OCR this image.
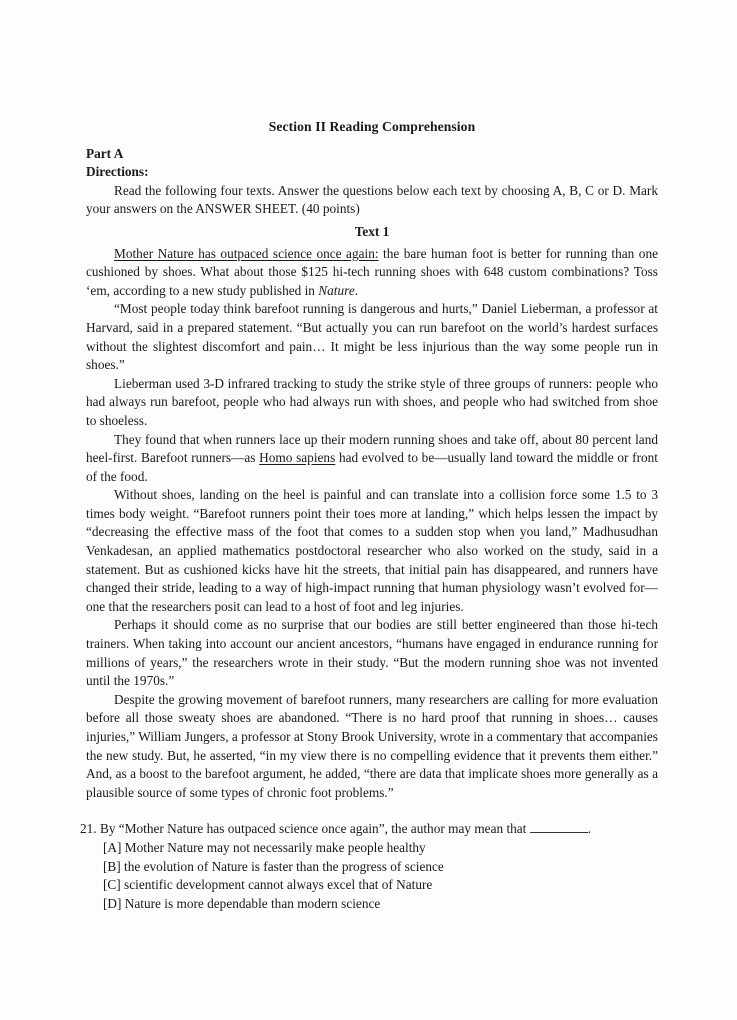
Section II Reading Comprehension
Part A
Directions:

Read the following four texts. Answer the questions below each text by choosing A, B, C or D. Mark your answers on the ANSWER SHEET. (40 points)

Text 1

Mother Nature has outpaced science once again: the bare human foot is better for running than one cushioned by shoes. What about those $125 hi-tech running shoes with 648 custom combinations? Toss ‘em, according to a new study published in Nature.

“Most people today think barefoot running is dangerous and hurts,” Daniel Lieberman, a professor at Harvard, said in a prepared statement. “But actually you can run barefoot on the world’s hardest surfaces without the slightest discomfort and pain… It might be less injurious than the way some people run in shoes.”

Lieberman used 3-D infrared tracking to study the strike style of three groups of runners: people who had always run barefoot, people who had always run with shoes, and people who had switched from shoe to shoeless.

They found that when runners lace up their modern running shoes and take off, about 80 percent land heel-first. Barefoot runners—as Homo sapiens had evolved to be—usually land toward the middle or front of the food.

Without shoes, landing on the heel is painful and can translate into a collision force some 1.5 to 3 times body weight. “Barefoot runners point their toes more at landing,” which helps lessen the impact by “decreasing the effective mass of the foot that comes to a sudden stop when you land,” Madhusudhan Venkadesan, an applied mathematics postdoctoral researcher who also worked on the study, said in a statement. But as cushioned kicks have hit the streets, that initial pain has disappeared, and runners have changed their stride, leading to a way of high-impact running that human physiology wasn’t evolved for—one that the researchers posit can lead to a host of foot and leg injuries.

Perhaps it should come as no surprise that our bodies are still better engineered than those hi-tech trainers. When taking into account our ancient ancestors, “humans have engaged in endurance running for millions of years,” the researchers wrote in their study. “But the modern running shoe was not invented until the 1970s.”

Despite the growing movement of barefoot runners, many researchers are calling for more evaluation before all those sweaty shoes are abandoned. “There is no hard proof that running in shoes… causes injuries,” William Jungers, a professor at Stony Brook University, wrote in a commentary that accompanies the new study. But, he asserted, “in my view there is no compelling evidence that it prevents them either.” And, as a boost to the barefoot argument, he added, “there are data that implicate shoes more generally as a plausible source of some types of chronic foot problems.”

21. By “Mother Nature has outpaced science once again”, the author may mean that	.
[A] Mother Nature may not necessarily make people healthy
[B] the evolution of Nature is faster than the progress of science
[C] scientific development cannot always excel that of Nature
[D] Nature is more dependable than modern science
